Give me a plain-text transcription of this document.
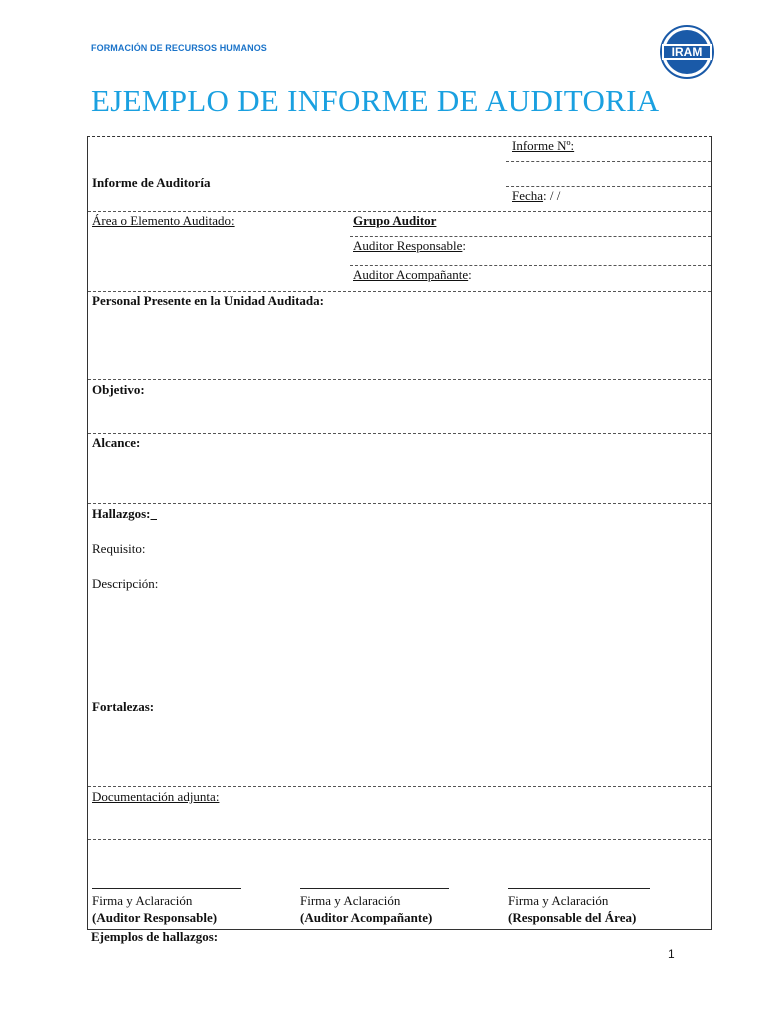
FORMACIÓN DE RECURSOS HUMANOS	IRAM
EJEMPLO DE INFORME DE AUDITORIA
Informe Nº:
Informe de Auditoría
Fecha: / /
Área o Elemento Auditado:	Grupo Auditor
Auditor Responsable:
Auditor Acompañante:
Personal Presente en la Unidad Auditada:
Objetivo:
Alcance:
Hallazgos:
Requisito:
Descripción:
Fortalezas:
Documentación adjunta:
Firma y Aclaración
(Auditor Responsable)
Firma y Aclaración
(Auditor Acompañante)
Firma y Aclaración
(Responsable del Área)
Ejemplos de hallazgos:
1
